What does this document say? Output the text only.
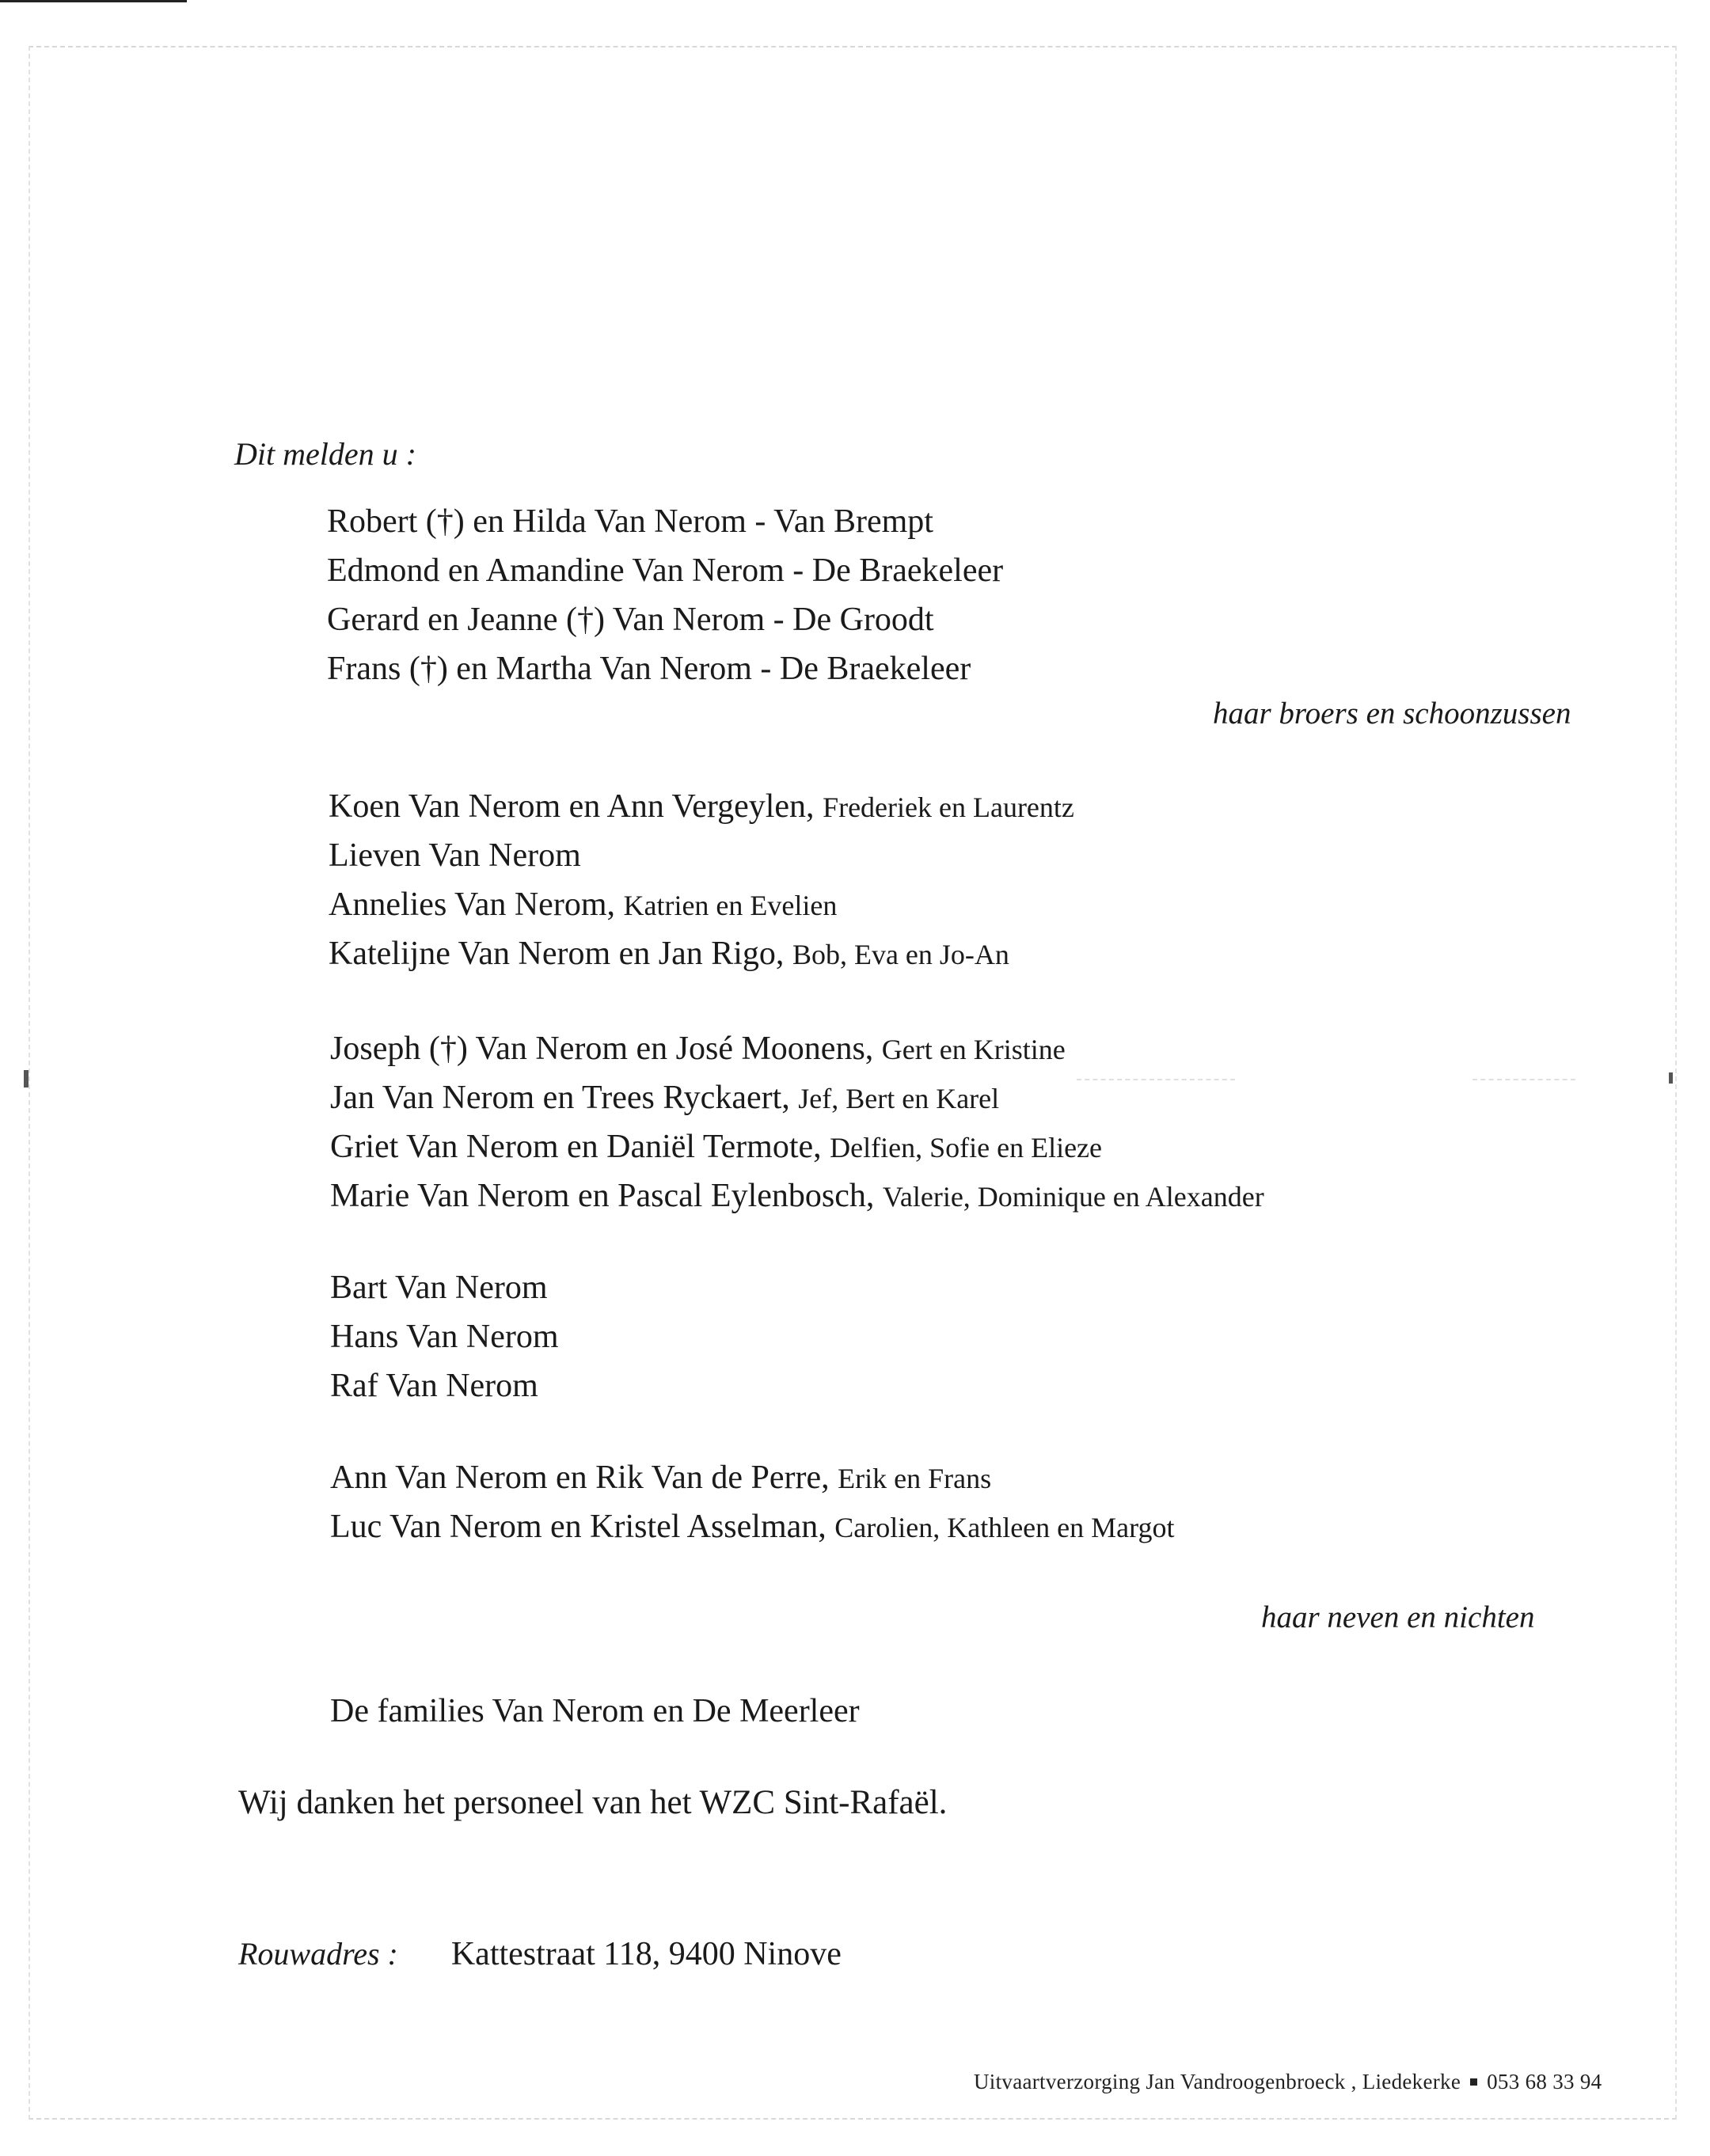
Dit melden u :
Robert (†) en Hilda Van Nerom - Van Brempt
Edmond en Amandine Van Nerom - De Braekeleer
Gerard en Jeanne (†) Van Nerom - De Groodt
Frans (†) en Martha Van Nerom - De Braekeleer
haar broers en schoonzussen
Koen Van Nerom en Ann Vergeylen, Frederiek en Laurentz
Lieven Van Nerom
Annelies Van Nerom, Katrien en Evelien
Katelijne Van Nerom en Jan Rigo, Bob, Eva en Jo-An
Joseph (†) Van Nerom en José Moonens, Gert en Kristine
Jan Van Nerom en Trees Ryckaert, Jef, Bert en Karel
Griet Van Nerom en Daniël Termote, Delfien, Sofie en Elieze
Marie Van Nerom en Pascal Eylenbosch, Valerie, Dominique en Alexander
Bart Van Nerom
Hans Van Nerom
Raf Van Nerom
Ann Van Nerom en Rik Van de Perre, Erik en Frans
Luc Van Nerom en Kristel Asselman, Carolien, Kathleen en Margot
haar neven en nichten
De families Van Nerom en De Meerleer
Wij danken het personeel van het WZC Sint-Rafaël.
Rouwadres : Kattestraat 118, 9400 Ninove
Uitvaartverzorging Jan Vandroogenbroeck , Liedekerke 053 68 33 94
